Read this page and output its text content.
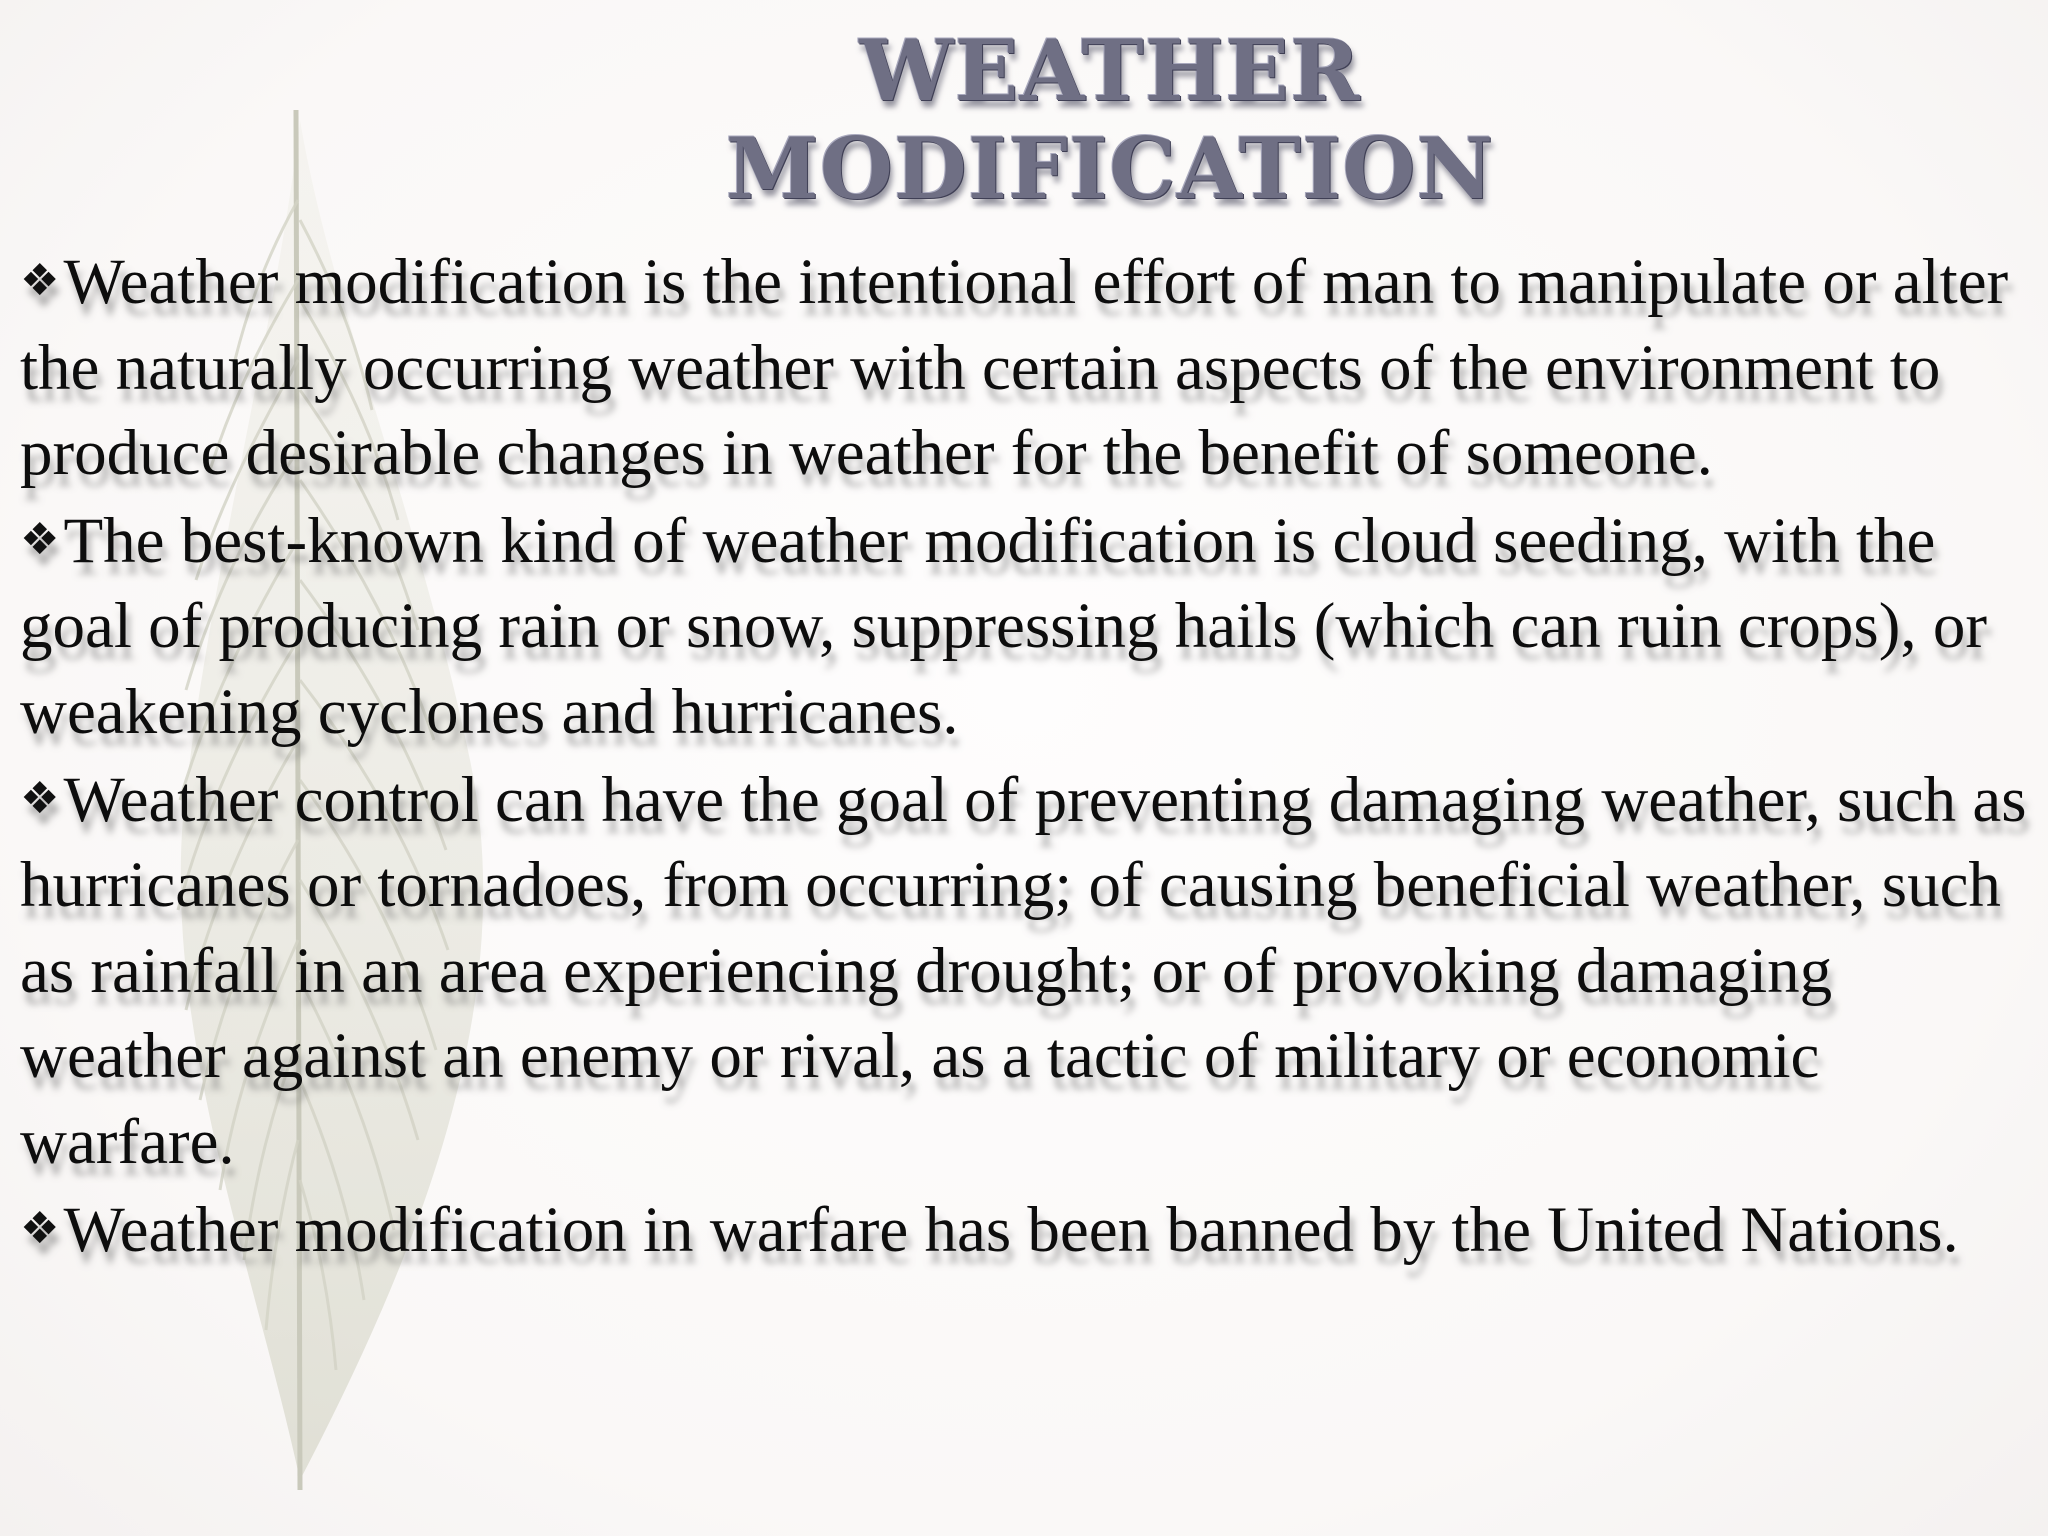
WEATHER
MODIFICATION

❖Weather modification is the intentional effort of man to manipulate or alter the naturally occurring weather with certain aspects of the environment to produce desirable changes in weather for the benefit of someone.

❖The best-known kind of weather modification is cloud seeding, with the goal of producing rain or snow, suppressing hails (which can ruin crops), or weakening cyclones and hurricanes.

❖Weather control can have the goal of preventing damaging weather, such as hurricanes or tornadoes, from occurring; of causing beneficial weather, such as rainfall in an area experiencing drought; or of provoking damaging weather against an enemy or rival, as a tactic of military or economic warfare.

❖Weather modification in warfare has been banned by the United Nations.
